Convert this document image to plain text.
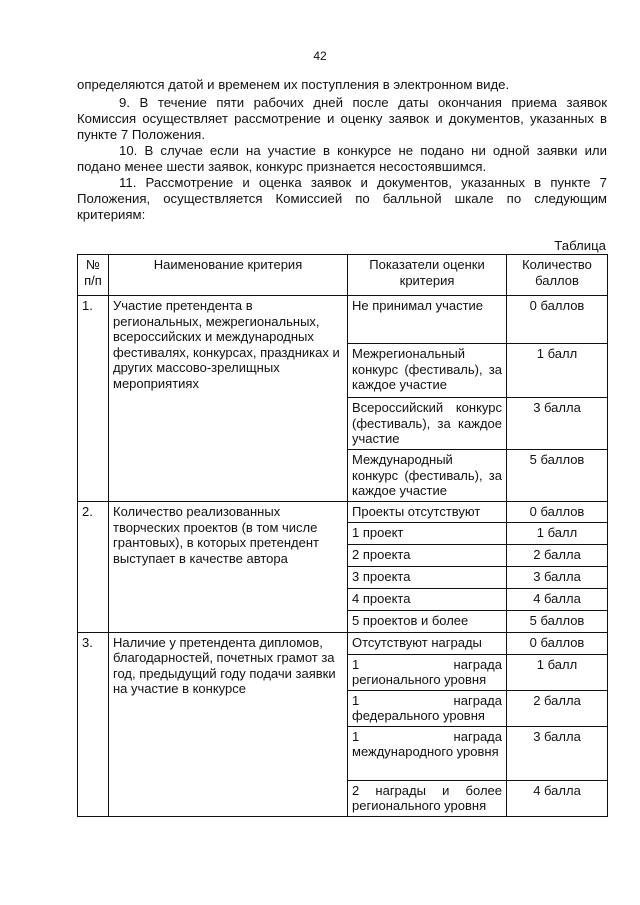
42
определяются датой и временем их поступления в электронном виде.
9. В течение пяти рабочих дней после даты окончания приема заявок Комиссия осуществляет рассмотрение и оценку заявок и документов, указанных в пункте 7 Положения.
10. В случае если на участие в конкурсе не подано ни одной заявки или подано менее шести заявок, конкурс признается несостоявшимся.
11. Рассмотрение и оценка заявок и документов, указанных в пункте 7 Положения, осуществляется Комиссией по балльной шкале по следующим критериям:
Таблица
№ п/п	Наименование критерия	Показатели оценки критерия	Количество баллов
1.	Участие претендента в региональных, межрегиональных, всероссийских и международных фестивалях, конкурсах, праздниках и других массово-зрелищных мероприятиях	Не принимал участие	0 баллов
		Межрегиональный конкурс (фестиваль), за каждое участие	1 балл
		Всероссийский конкурс (фестиваль), за каждое участие	3 балла
		Международный конкурс (фестиваль), за каждое участие	5 баллов
2.	Количество реализованных творческих проектов (в том числе грантовых), в которых претендент выступает в качестве автора	Проекты отсутствуют	0 баллов
		1 проект	1 балл
		2 проекта	2 балла
		3 проекта	3 балла
		4 проекта	4 балла
		5 проектов и более	5 баллов
3.	Наличие у претендента дипломов, благодарностей, почетных грамот за год, предыдущий году подачи заявки на участие в конкурсе	Отсутствуют награды	0 баллов
		1 награда регионального уровня	1 балл
		1 награда федерального уровня	2 балла
		1 награда международного уровня	3 балла
		2 награды и более регионального уровня	4 балла
